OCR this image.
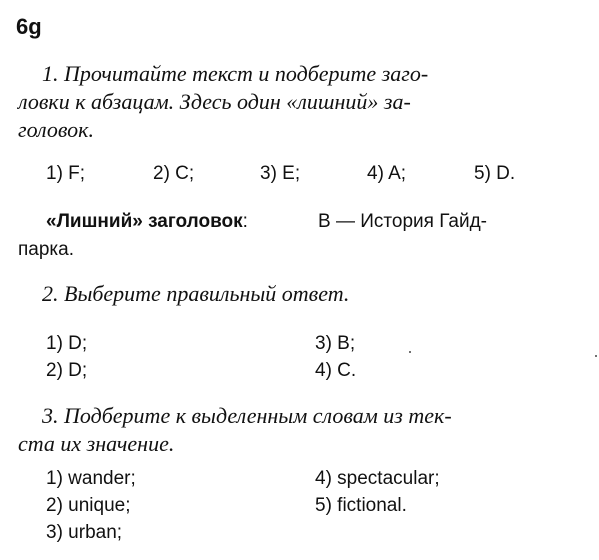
6g
1. Прочитайте текст и подберите заго-
ловки к абзацам. Здесь один «лишний» за-
головок.
1) F;	2) C;	3) E;	4) A;	5) D.
«Лишний» заголовок:	B — История Гайд-
парка.
2. Выберите правильный ответ.
1) D;
2) D;
3) B;
4) C.
3. Подберите к выделенным словам из тек-
ста их значение.
1) wander;
2) unique;
3) urban;
4) spectacular;
5) fictional.
